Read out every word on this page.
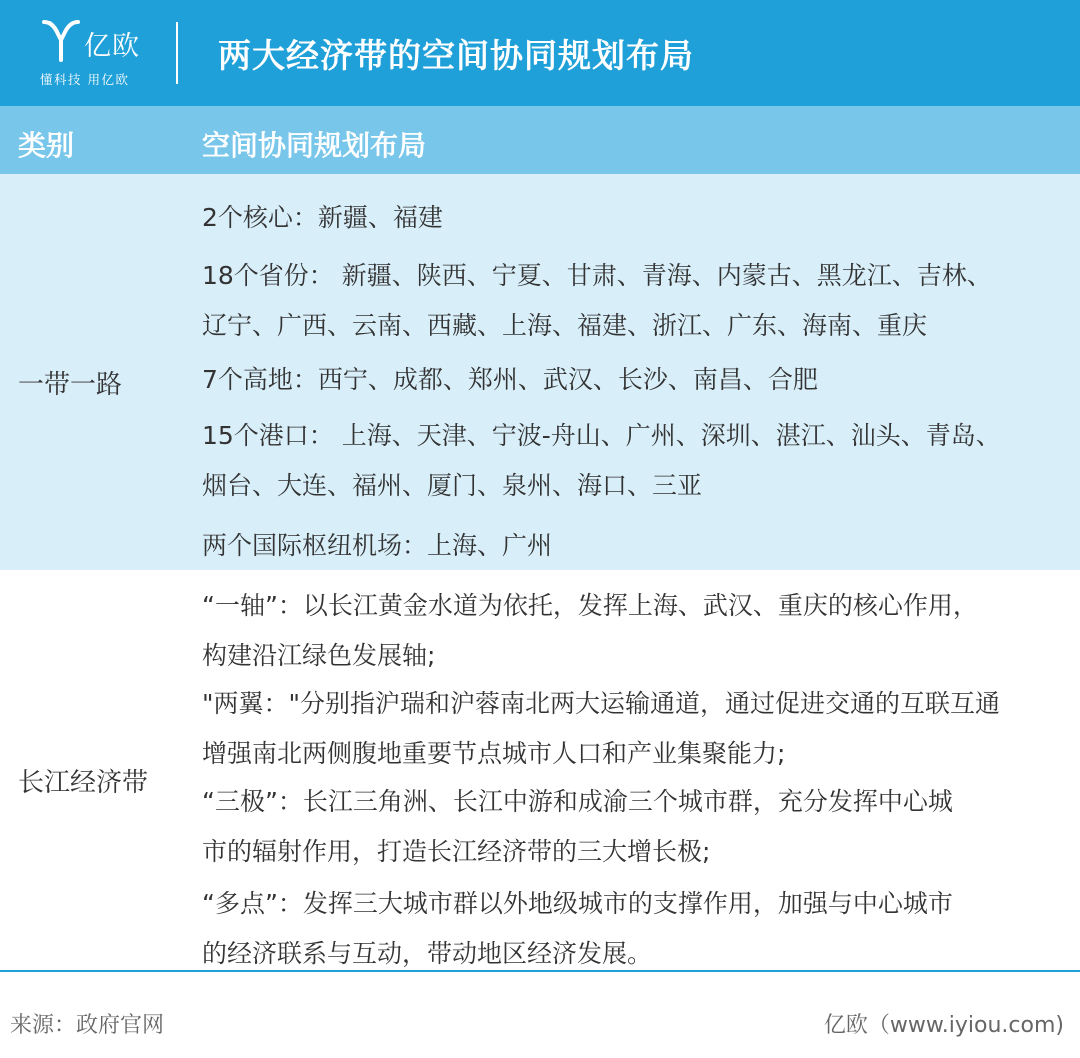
亿欧
懂科技 用亿欧
两大经济带的空间协同规划布局
类别	空间协同规划布局
一带一路
2个核心：新疆、福建
18个省份： 新疆、陕西、宁夏、甘肃、青海、内蒙古、黑龙江、吉林、
辽宁、广西、云南、西藏、上海、福建、浙江、广东、海南、重庆
7个高地：西宁、成都、郑州、武汉、长沙、南昌、合肥
15个港口： 上海、天津、宁波-舟山、广州、深圳、湛江、汕头、青岛、
烟台、大连、福州、厦门、泉州、海口、三亚
两个国际枢纽机场：上海、广州
长江经济带
“一轴”：以长江黄金水道为依托，发挥上海、武汉、重庆的核心作用，
构建沿江绿色发展轴;
"两翼："分别指沪瑞和沪蓉南北两大运输通道，通过促进交通的互联互通
增强南北两侧腹地重要节点城市人口和产业集聚能力;
“三极”：长江三角洲、长江中游和成渝三个城市群，充分发挥中心城
市的辐射作用，打造长江经济带的三大增长极;
“多点”：发挥三大城市群以外地级城市的支撑作用，加强与中心城市
的经济联系与互动，带动地区经济发展。
来源：政府官网	亿欧（www.iyiou.com)
